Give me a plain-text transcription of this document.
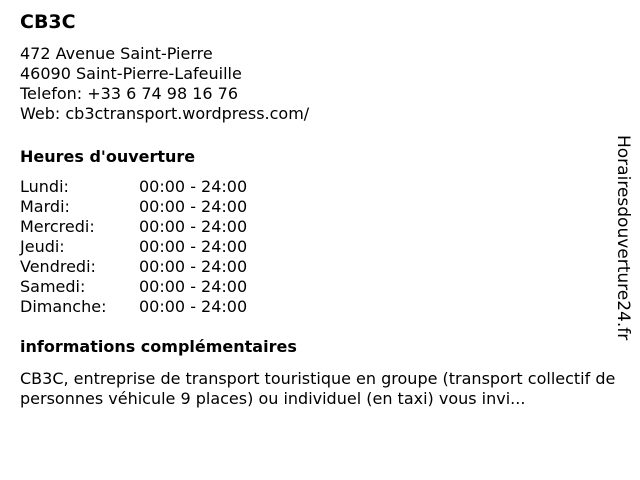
CB3C
472 Avenue Saint-Pierre
46090 Saint-Pierre-Lafeuille
Telefon: +33 6 74 98 16 76
Web: cb3ctransport.wordpress.com/
Heures d'ouverture
Lundi:	00:00 - 24:00
Mardi:	00:00 - 24:00
Mercredi:	00:00 - 24:00
Jeudi:	00:00 - 24:00
Vendredi:	00:00 - 24:00
Samedi:	00:00 - 24:00
Dimanche:	00:00 - 24:00
informations complémentaires
CB3C, entreprise de transport touristique en groupe (transport collectif de personnes véhicule 9 places) ou individuel (en taxi) vous invi...
Horairesdouverture24.fr
